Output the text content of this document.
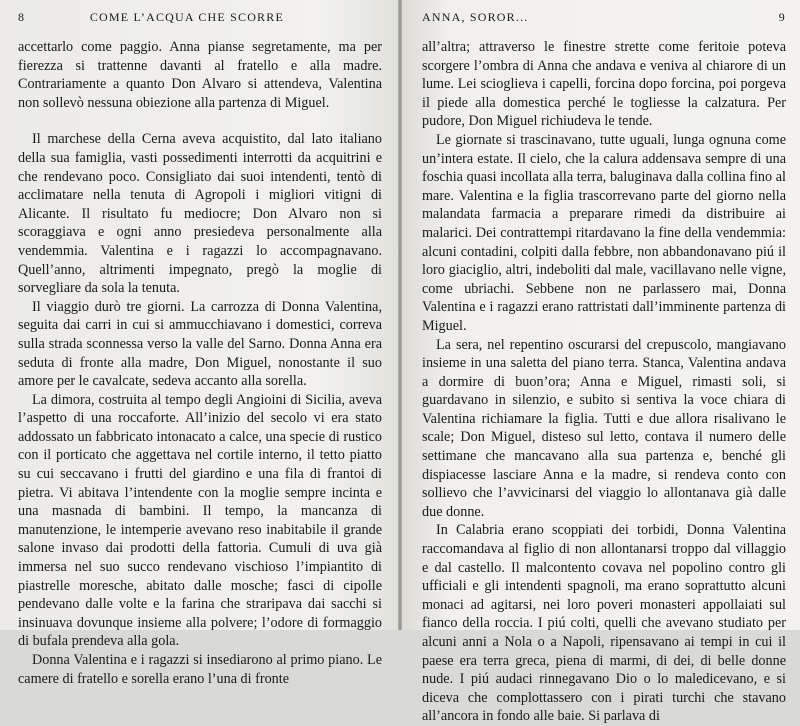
8	COME L’ACQUA CHE SCORRE

accettarlo come paggio. Anna pianse segretamente, ma per fierezza si trattenne davanti al fratello e alla madre. Contrariamente a quanto Don Alvaro si attendeva, Valentina non sollevò nessuna obiezione alla partenza di Miguel.

Il marchese della Cerna aveva acquistito, dal lato italiano della sua famiglia, vasti possedimenti interrotti da acquitrini e che rendevano poco. Consigliato dai suoi intendenti, tentò di acclimatare nella tenuta di Agropoli i migliori vitigni di Alicante. Il risultato fu mediocre; Don Alvaro non si scoraggiava e ogni anno presiedeva personalmente alla vendemmia. Valentina e i ragazzi lo accompagnavano. Quell’anno, altrimenti impegnato, pregò la moglie di sorvegliare da sola la tenuta.

Il viaggio durò tre giorni. La carrozza di Donna Valentina, seguita dai carri in cui si ammucchiavano i domestici, correva sulla strada sconnessa verso la valle del Sarno. Donna Anna era seduta di fronte alla madre, Don Miguel, nonostante il suo amore per le cavalcate, sedeva accanto alla sorella.

La dimora, costruita al tempo degli Angioini di Sicilia, aveva l’aspetto di una roccaforte. All’inizio del secolo vi era stato addossato un fabbricato intonacato a calce, una specie di rustico con il porticato che aggettava nel cortile interno, il tetto piatto su cui seccavano i frutti del giardino e una fila di frantoi di pietra. Vi abitava l’intendente con la moglie sempre incinta e una masnada di bambini. Il tempo, la mancanza di manutenzione, le intemperie avevano reso inabitabile il grande salone invaso dai prodotti della fattoria. Cumuli di uva già immersa nel suo succo rendevano vischioso l’impiantito di piastrelle moresche, abitato dalle mosche; fasci di cipolle pendevano dalle volte e la farina che straripava dai sacchi si insinuava dovunque insieme alla polvere; l’odore di formaggio di bufala prendeva alla gola.

Donna Valentina e i ragazzi si insediarono al primo piano. Le camere di fratello e sorella erano l’una di fronte

ANNA, SOROR...	9

all’altra; attraverso le finestre strette come feritoie poteva scorgere l’ombra di Anna che andava e veniva al chiarore di un lume. Lei scioglieva i capelli, forcina dopo forcina, poi porgeva il piede alla domestica perché le togliesse la calzatura. Per pudore, Don Miguel richiudeva le tende.

Le giornate si trascinavano, tutte uguali, lunga ognuna come un’intera estate. Il cielo, che la calura addensava sempre di una foschia quasi incollata alla terra, baluginava dalla collina fino al mare. Valentina e la figlia trascorrevano parte del giorno nella malandata farmacia a preparare rimedi da distribuire ai malarici. Dei contrattempi ritardavano la fine della vendemmia: alcuni contadini, colpiti dalla febbre, non abbandonavano piú il loro giaciglio, altri, indeboliti dal male, vacillavano nelle vigne, come ubriachi. Sebbene non ne parlassero mai, Donna Valentina e i ragazzi erano rattristati dall’imminente partenza di Miguel.

La sera, nel repentino oscurarsi del crepuscolo, mangiavano insieme in una saletta del piano terra. Stanca, Valentina andava a dormire di buon’ora; Anna e Miguel, rimasti soli, si guardavano in silenzio, e subito si sentiva la voce chiara di Valentina richiamare la figlia. Tutti e due allora risalivano le scale; Don Miguel, disteso sul letto, contava il numero delle settimane che mancavano alla sua partenza e, benché gli dispiacesse lasciare Anna e la madre, si rendeva conto con sollievo che l’avvicinarsi del viaggio lo allontanava già dalle due donne.

In Calabria erano scoppiati dei torbidi, Donna Valentina raccomandava al figlio di non allontanarsi troppo dal villaggio e dal castello. Il malcontento covava nel popolino contro gli ufficiali e gli intendenti spagnoli, ma erano soprattutto alcuni monaci ad agitarsi, nei loro poveri monasteri appollaiati sul fianco della roccia. I piú colti, quelli che avevano studiato per alcuni anni a Nola o a Napoli, ripensavano ai tempi in cui il paese era terra greca, piena di marmi, di dei, di belle donne nude. I piú audaci rinnegavano Dio o lo maledicevano, e si diceva che complottassero con i pirati turchi che stavano all’ancora in fondo alle baie. Si parlava di
